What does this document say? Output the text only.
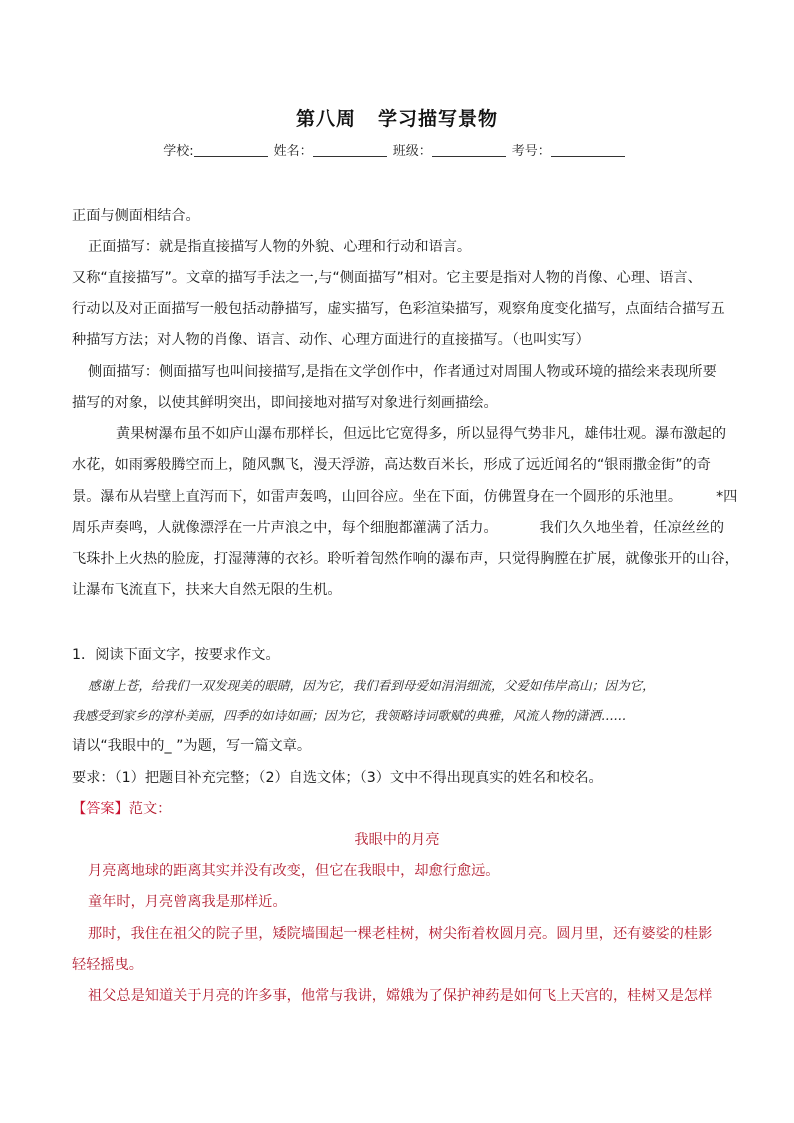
第八周 学习描写景物
学校:	姓名：	班级：	考号：
正面与侧面相结合。
正面描写：就是指直接描写人物的外貌、心理和行动和语言。
又称“直接描写”。文章的描写手法之一,与“侧面描写”相对。它主要是指对人物的肖像、心理、语言、
行动以及对正面描写一般包括动静描写，虚实描写，色彩渲染描写，观察角度变化描写，点面结合描写五
种描写方法；对人物的肖像、语言、动作、心理方面进行的直接描写。（也叫实写）
侧面描写：侧面描写也叫间接描写,是指在文学创作中，作者通过对周围人物或环境的描绘来表现所要
描写的对象，以使其鲜明突出，即间接地对描写对象进行刻画描绘。
黄果树瀑布虽不如庐山瀑布那样长，但远比它宽得多，所以显得气势非凡，雄伟壮观。瀑布激起的
水花，如雨雾般腾空而上，随风飘飞，漫天浮游，高达数百米长，形成了远近闻名的“银雨撒金街”的奇
景。瀑布从岩壁上直泻而下，如雷声轰鸣，山回谷应。坐在下面，仿佛置身在一个圆形的乐池里。 *四
周乐声奏鸣，人就像漂浮在一片声浪之中，每个细胞都灌满了活力。	我们久久地坐着，任凉丝丝的
飞珠扑上火热的脸庞，打湿薄薄的衣衫。聆听着訇然作响的瀑布声，只觉得胸膛在扩展，就像张开的山谷，
让瀑布飞流直下，扶来大自然无限的生机。
1．阅读下面文字，按要求作文。
感谢上苍，给我们一双发现美的眼睛，因为它，我们看到母爱如涓涓细流，父爱如伟岸高山；因为它，
我感受到家乡的淳朴美丽，四季的如诗如画；因为它，我领略诗词歌赋的典雅，风流人物的潇洒……
请以“我眼中的_ ”为题，写一篇文章。
要求：（1）把题目补充完整；（2）自选文体；（3）文中不得出现真实的姓名和校名。
【答案】范文：
我眼中的月亮
月亮离地球的距离其实并没有改变，但它在我眼中，却愈行愈远。
童年时，月亮曾离我是那样近。
那时，我住在祖父的院子里，矮院墙围起一棵老桂树，树尖衔着枚圆月亮。圆月里，还有婆娑的桂影
轻轻摇曳。
祖父总是知道关于月亮的许多事，他常与我讲，嫦娥为了保护神药是如何飞上天宫的，桂树又是怎样
